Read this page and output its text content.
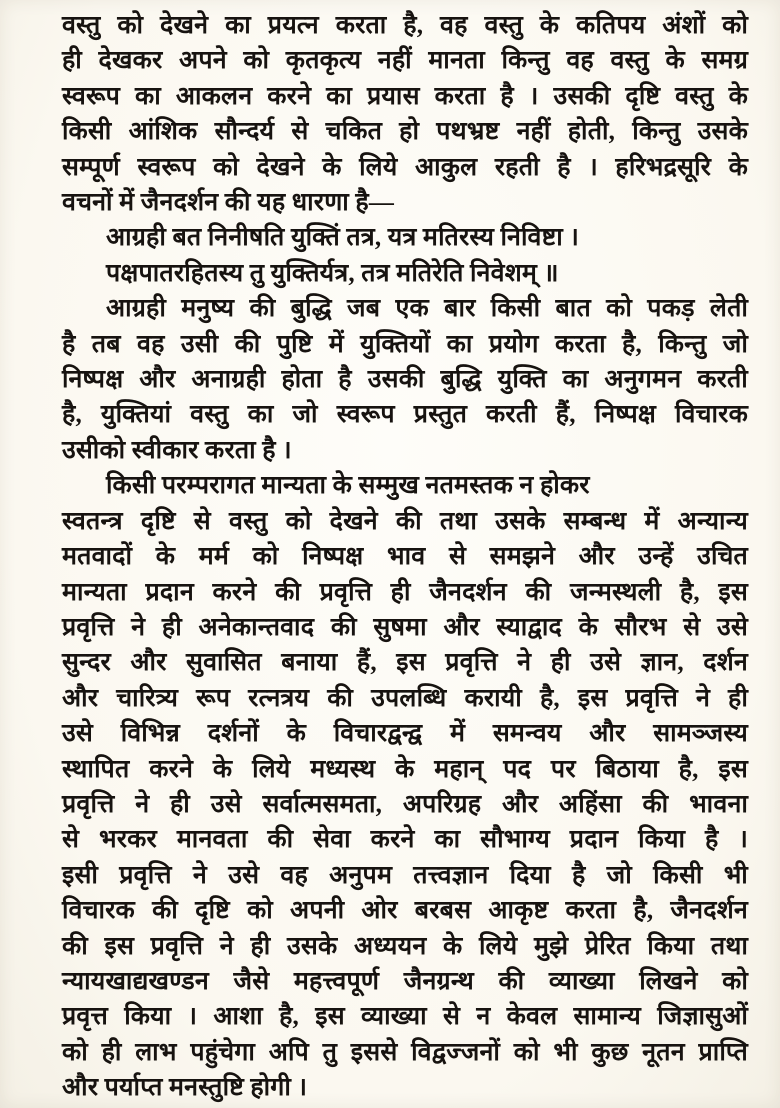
वस्तु को देखने का प्रयत्न करता है, वह वस्तु के कतिपय अंशों को
ही देखकर अपने को कृतकृत्य नहीं मानता किन्तु वह वस्तु के समग्र
स्वरूप का आकलन करने का प्रयास करता है । उसकी दृष्टि वस्तु के
किसी आंशिक सौन्दर्य से चकित हो पथभ्रष्ट नहीं होती, किन्तु उसके
सम्पूर्ण स्वरूप को देखने के लिये आकुल रहती है । हरिभद्रसूरि के
वचनों में जैनदर्शन की यह धारणा है—
आग्रही बत निनीषति युक्तिं तत्र, यत्र मतिरस्य निविष्टा ।
पक्षपातरहितस्य तु युक्तिर्यत्र, तत्र मतिरेति निवेशम् ॥
आग्रही मनुष्य की बुद्धि जब एक बार किसी बात को पकड़ लेती
है तब वह उसी की पुष्टि में युक्तियों का प्रयोग करता है, किन्तु जो
निष्पक्ष और अनाग्रही होता है उसकी बुद्धि युक्ति का अनुगमन करती
है, युक्तियां वस्तु का जो स्वरूप प्रस्तुत करती हैं, निष्पक्ष विचारक
उसीको स्वीकार करता है ।
किसी परम्परागत मान्यता के सम्मुख नतमस्तक न होकर
स्वतन्त्र दृष्टि से वस्तु को देखने की तथा उसके सम्बन्ध में अन्यान्य
मतवादों के मर्म को निष्पक्ष भाव से समझने और उन्हें उचित
मान्यता प्रदान करने की प्रवृत्ति ही जैनदर्शन की जन्मस्थली है, इस
प्रवृत्ति ने ही अनेकान्तवाद की सुषमा और स्याद्वाद के सौरभ से उसे
सुन्दर और सुवासित बनाया हैं, इस प्रवृत्ति ने ही उसे ज्ञान, दर्शन
और चारित्र्य रूप रत्नत्रय की उपलब्धि करायी है, इस प्रवृत्ति ने ही
उसे विभिन्न दर्शनों के विचारद्वन्द्व में समन्वय और सामञ्जस्य
स्थापित करने के लिये मध्यस्थ के महान् पद पर बिठाया है, इस
प्रवृत्ति ने ही उसे सर्वात्मसमता, अपरिग्रह और अहिंसा की भावना
से भरकर मानवता की सेवा करने का सौभाग्य प्रदान किया है ।
इसी प्रवृत्ति ने उसे वह अनुपम तत्त्वज्ञान दिया है जो किसी भी
विचारक की दृष्टि को अपनी ओर बरबस आकृष्ट करता है, जैनदर्शन
की इस प्रवृत्ति ने ही उसके अध्ययन के लिये मुझे प्रेरित किया तथा
न्यायखाद्यखण्डन जैसे महत्त्वपूर्ण जैनग्रन्थ की व्याख्या लिखने को
प्रवृत्त किया । आशा है, इस व्याख्या से न केवल सामान्य जिज्ञासुओं
को ही लाभ पहुंचेगा अपि तु इससे विद्वज्जनों को भी कुछ नूतन प्राप्ति
और पर्याप्त मनस्तुष्टि होगी ।
